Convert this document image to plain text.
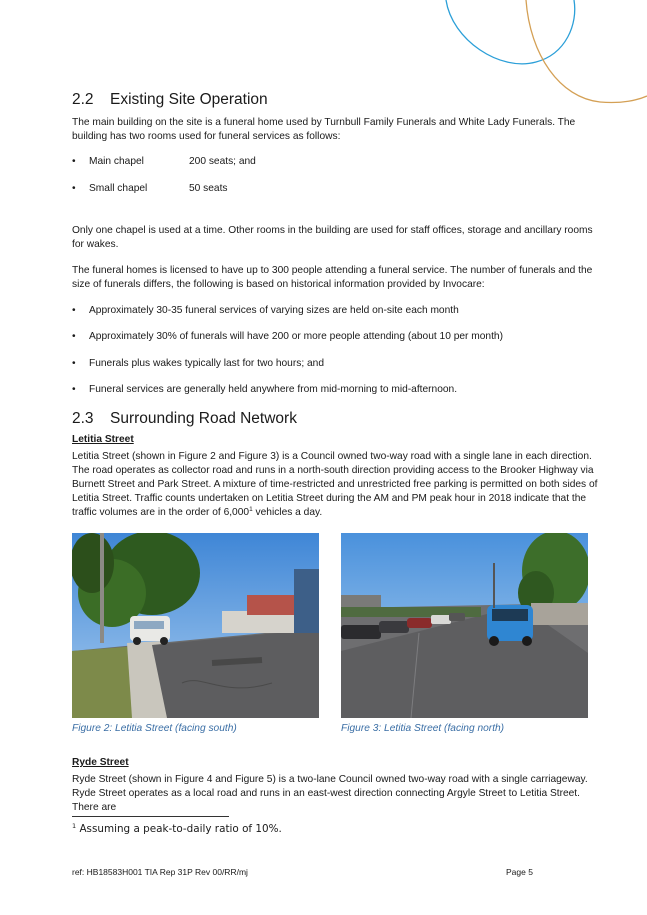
2.2 Existing Site Operation

The main building on the site is a funeral home used by Turnbull Family Funerals and White Lady Funerals. The building has two rooms used for funeral services as follows:

• Main chapel	200 seats; and
• Small chapel	50 seats

Only one chapel is used at a time. Other rooms in the building are used for staff offices, storage and ancillary rooms for wakes.

The funeral homes is licensed to have up to 300 people attending a funeral service. The number of funerals and the size of funerals differs, the following is based on historical information provided by Invocare:

• Approximately 30-35 funeral services of varying sizes are held on-site each month
• Approximately 30% of funerals will have 200 or more people attending (about 10 per month)
• Funerals plus wakes typically last for two hours; and
• Funeral services are generally held anywhere from mid-morning to mid-afternoon.
2.3 Surrounding Road Network
Letitia Street

Letitia Street (shown in Figure 2 and Figure 3) is a Council owned two-way road with a single lane in each direction. The road operates as collector road and runs in a north-south direction providing access to the Brooker Highway via Burnett Street and Park Street. A mixture of time-restricted and unrestricted free parking is permitted on both sides of Letitia Street. Traffic counts undertaken on Letitia Street during the AM and PM peak hour in 2018 indicate that the traffic volumes are in the order of 6,000$^1$ vehicles a day.

Figure 2: Letitia Street (facing south)	Figure 3: Letitia Street (facing north)
Ryde Street

Ryde Street (shown in Figure 4 and Figure 5) is a two-lane Council owned two-way road with a single carriageway. Ryde Street operates as a local road and runs in an east-west direction connecting Argyle Street to Letitia Street. There are

$^1$ Assuming a peak-to-daily ratio of 10%.
ref: HB18583H001 TIA Rep 31P Rev 00/RR/mj	Page 5
